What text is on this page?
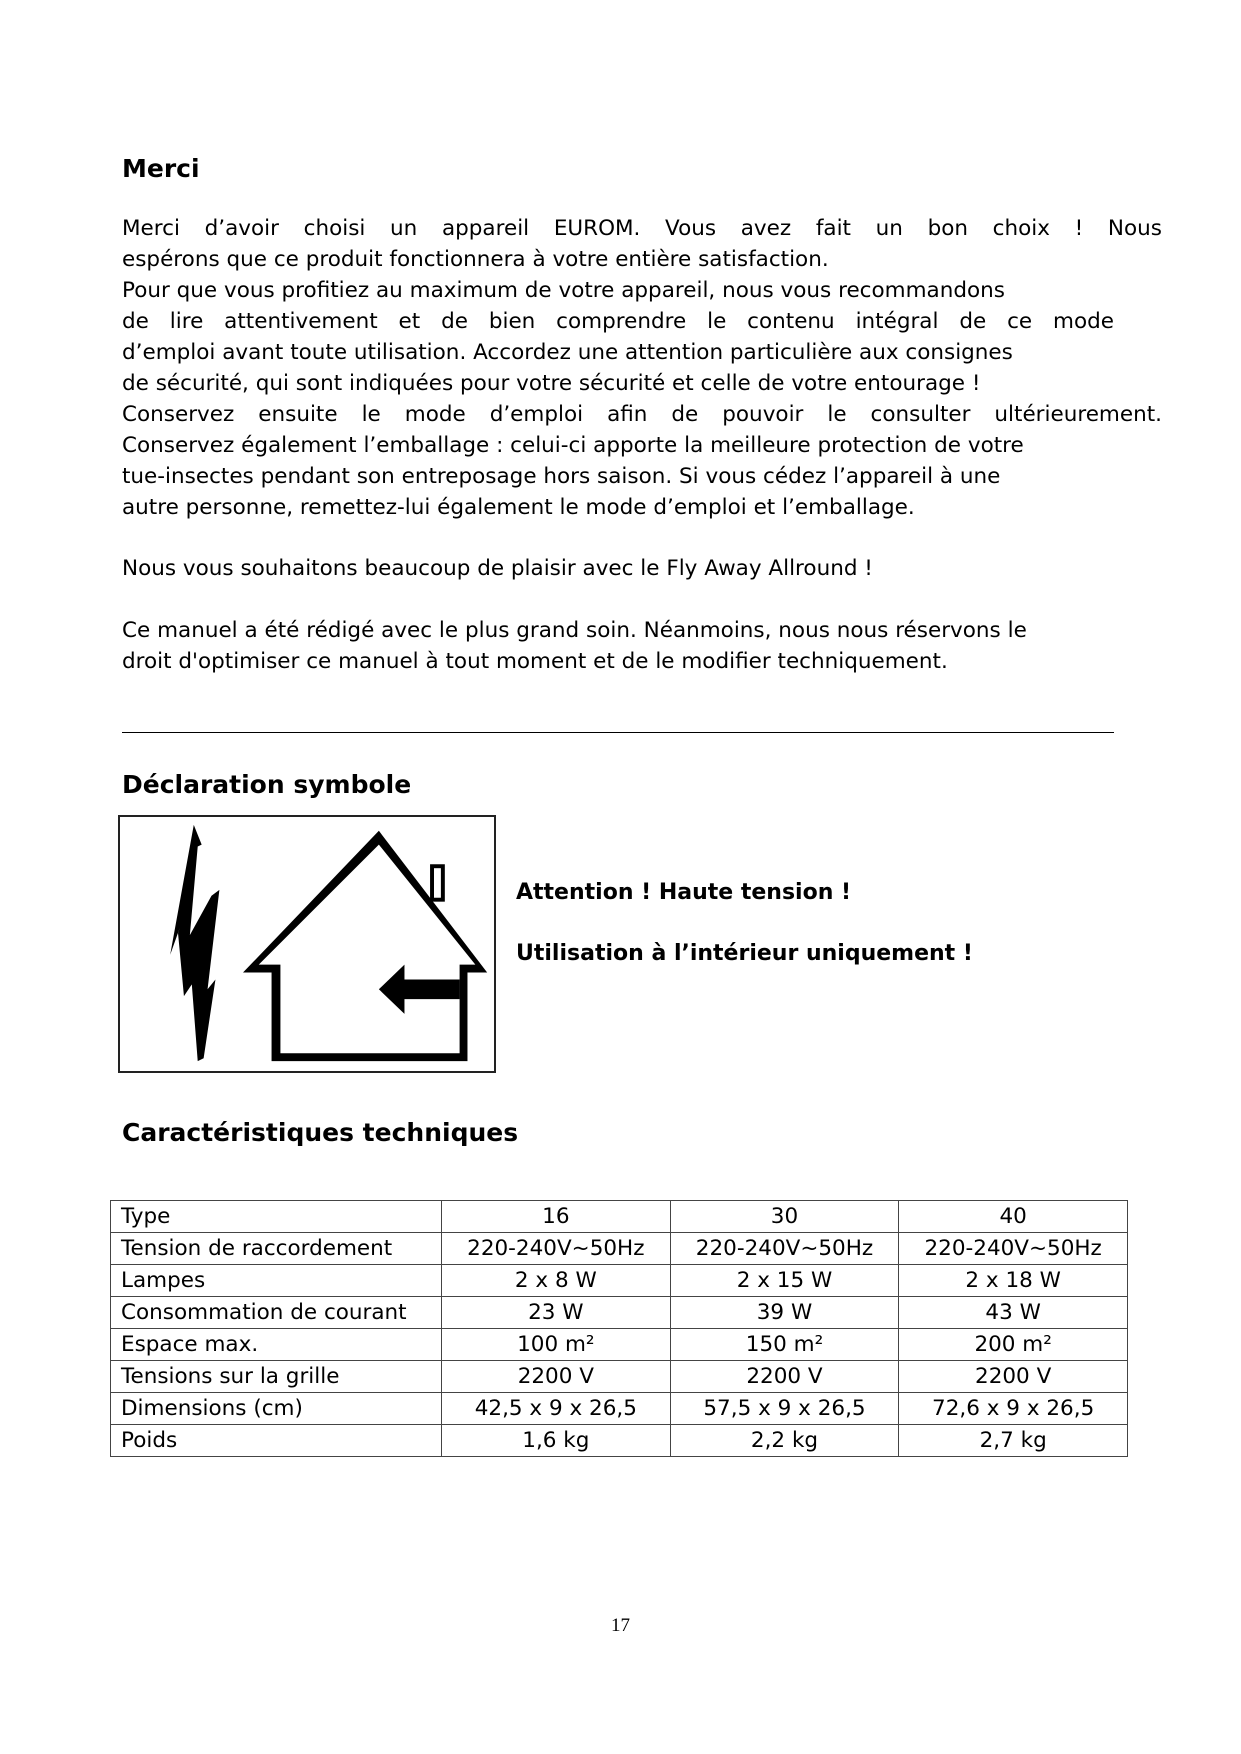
Merci
Merci d’avoir choisi un appareil EUROM. Vous avez fait un bon choix ! Nous
espérons que ce produit fonctionnera à votre entière satisfaction.
Pour que vous profitiez au maximum de votre appareil, nous vous recommandons
de lire attentivement et de bien comprendre le contenu intégral de ce mode
d’emploi avant toute utilisation. Accordez une attention particulière aux consignes
de sécurité, qui sont indiquées pour votre sécurité et celle de votre entourage !
Conservez ensuite le mode d’emploi afin de pouvoir le consulter ultérieurement.
Conservez également l’emballage : celui-ci apporte la meilleure protection de votre
tue-insectes pendant son entreposage hors saison. Si vous cédez l’appareil à une
autre personne, remettez-lui également le mode d’emploi et l’emballage.

Nous vous souhaitons beaucoup de plaisir avec le Fly Away Allround !

Ce manuel a été rédigé avec le plus grand soin. Néanmoins, nous nous réservons le
droit d'optimiser ce manuel à tout moment et de le modifier techniquement.
Déclaration symbole
Attention ! Haute tension !
Utilisation à l’intérieur uniquement !
Caractéristiques techniques
Type	16	30	40
Tension de raccordement	220-240V~50Hz	220-240V~50Hz	220-240V~50Hz
Lampes	2 x 8 W	2 x 15 W	2 x 18 W
Consommation de courant	23 W	39 W	43 W
Espace max.	100 m²	150 m²	200 m²
Tensions sur la grille	2200 V	2200 V	2200 V
Dimensions (cm)	42,5 x 9 x 26,5	57,5 x 9 x 26,5	72,6 x 9 x 26,5
Poids	1,6 kg	2,2 kg	2,7 kg
17
